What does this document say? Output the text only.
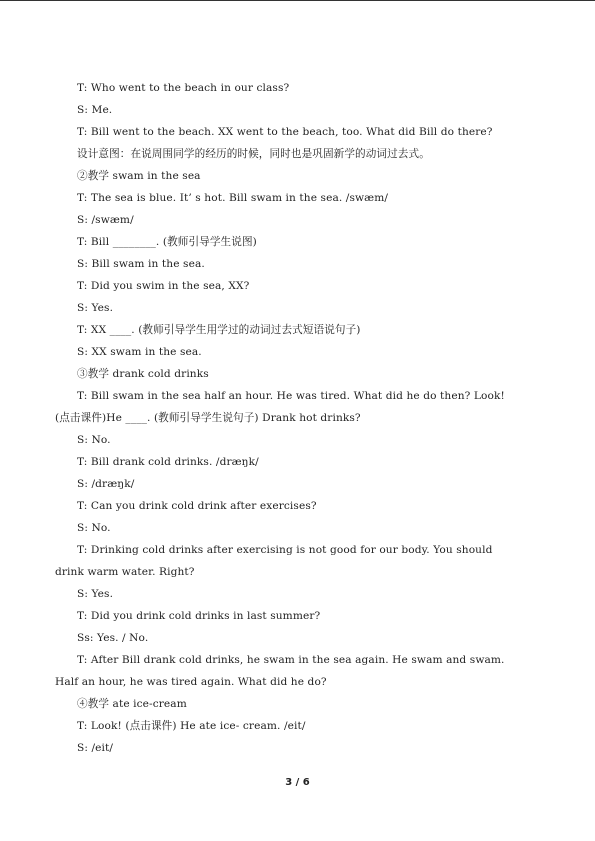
T: Who went to the beach in our class?
S: Me.
T: Bill went to the beach. XX went to the beach, too. What did Bill do there?
设计意图：在说周围同学的经历的时候，同时也是巩固新学的动词过去式。
②教学 swam in the sea
T: The sea is blue. It’ s hot. Bill swam in the sea. /swæm/
S: /swæm/
T: Bill ________. (教师引导学生说图)
S: Bill swam in the sea.
T: Did you swim in the sea, XX?
S: Yes.
T: XX ____. (教师引导学生用学过的动词过去式短语说句子)
S: XX swam in the sea.
③教学 drank cold drinks
T: Bill swam in the sea half an hour. He was tired. What did he do then? Look!
(点击课件)He ____. (教师引导学生说句子) Drank hot drinks?
S: No.
T: Bill drank cold drinks. /dræŋk/
S: /dræŋk/
T: Can you drink cold drink after exercises?
S: No.
T: Drinking cold drinks after exercising is not good for our body. You should
drink warm water. Right?
S: Yes.
T: Did you drink cold drinks in last summer?
Ss: Yes. / No.
T: After Bill drank cold drinks, he swam in the sea again. He swam and swam.
Half an hour, he was tired again. What did he do?
④教学 ate ice-cream
T: Look! (点击课件) He ate ice- cream. /eit/
S: /eit/
3 / 6
